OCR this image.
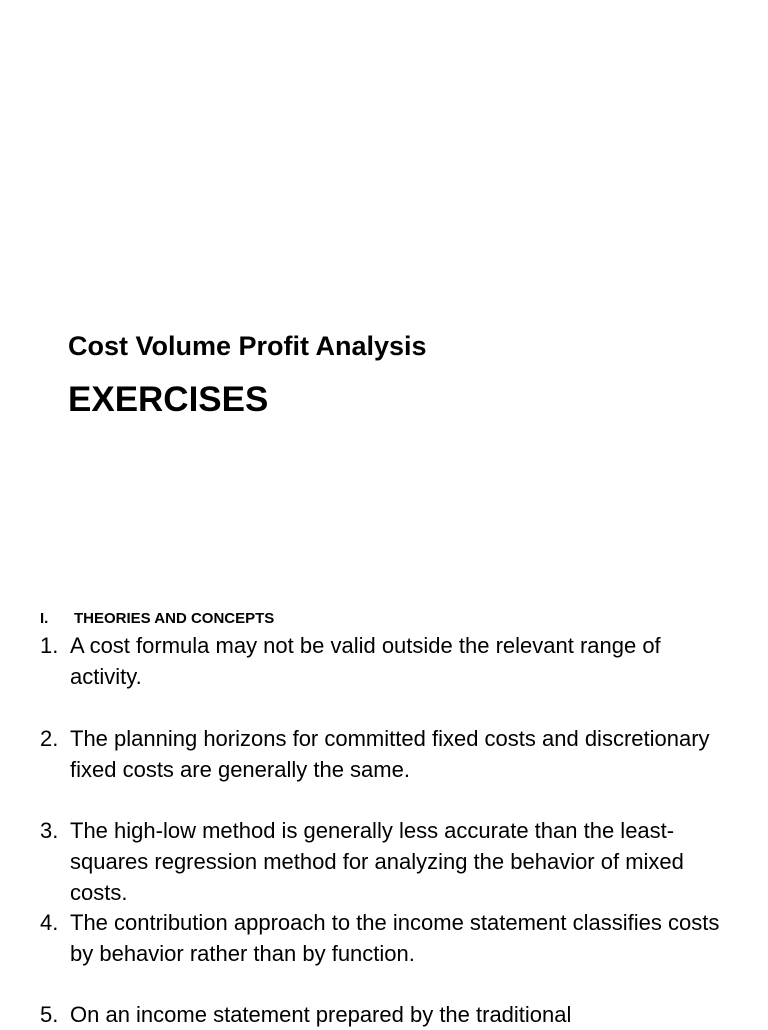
Cost Volume Profit Analysis
EXERCISES
I. THEORIES AND CONCEPTS
1. A cost formula may not be valid outside the relevant range of activity.
2. The planning horizons for committed fixed costs and discretionary fixed costs are generally the same.
3. The high-low method is generally less accurate than the least-squares regression method for analyzing the behavior of mixed costs.
4. The contribution approach to the income statement classifies costs by behavior rather than by function.
5. On an income statement prepared by the traditional
